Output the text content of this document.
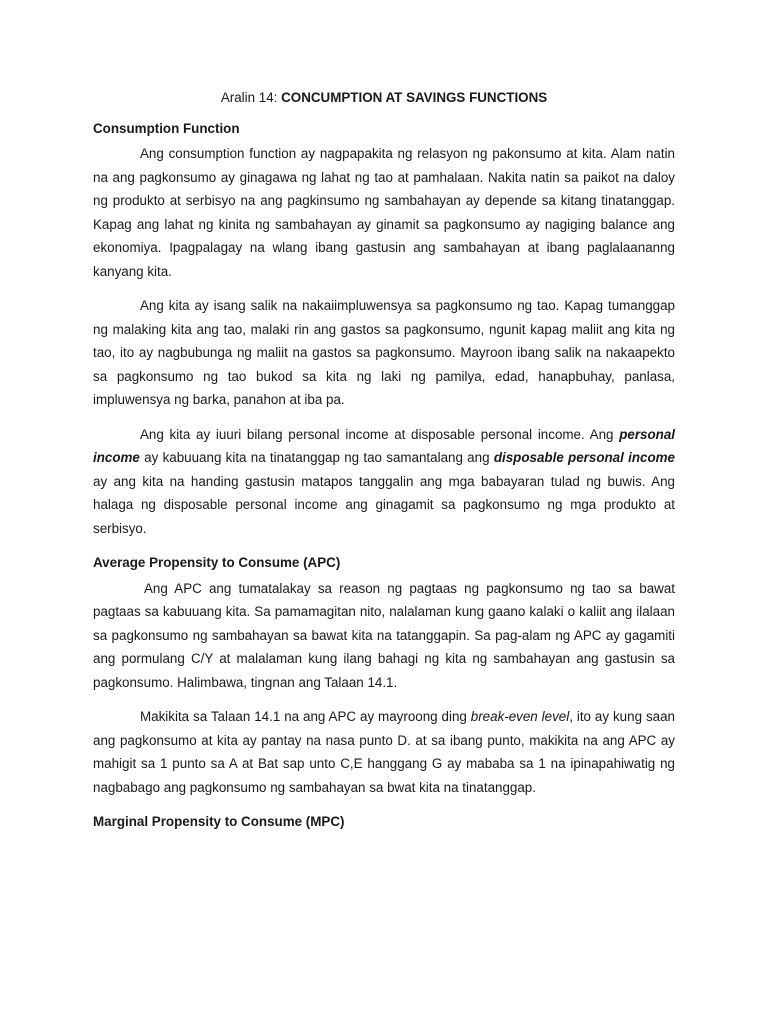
Aralin 14: CONCUMPTION AT SAVINGS FUNCTIONS
Consumption Function

Ang consumption function ay nagpapakita ng relasyon ng pakonsumo at kita. Alam natin na ang pagkonsumo ay ginagawa ng lahat ng tao at pamhalaan. Nakita natin sa paikot na daloy ng produkto at serbisyo na ang pagkinsumo ng sambahayan ay depende sa kitang tinatanggap. Kapag ang lahat ng kinita ng sambahayan ay ginamit sa pagkonsumo ay nagiging balance ang ekonomiya. Ipagpalagay na wlang ibang gastusin ang sambahayan at ibang paglalaananng kanyang kita.

Ang kita ay isang salik na nakaiimpluwensya sa pagkonsumo ng tao. Kapag tumanggap ng malaking kita ang tao, malaki rin ang gastos sa pagkonsumo, ngunit kapag maliit ang kita ng tao, ito ay nagbubunga ng maliit na gastos sa pagkonsumo. Mayroon ibang salik na nakaapekto sa pagkonsumo ng tao bukod sa kita ng laki ng pamilya, edad, hanapbuhay, panlasa, impluwensya ng barka, panahon at iba pa.

Ang kita ay iuuri bilang personal income at disposable personal income. Ang personal income ay kabuuang kita na tinatanggap ng tao samantalang ang disposable personal income ay ang kita na handing gastusin matapos tanggalin ang mga babayaran tulad ng buwis. Ang halaga ng disposable personal income ang ginagamit sa pagkonsumo ng mga produkto at serbisyo.

Average Propensity to Consume (APC)

Ang APC ang tumatalakay sa reason ng pagtaas ng pagkonsumo ng tao sa bawat pagtaas sa kabuuang kita. Sa pamamagitan nito, nalalaman kung gaano kalaki o kaliit ang ilalaan sa pagkonsumo ng sambahayan sa bawat kita na tatanggapin. Sa pag-alam ng APC ay gagamiti ang pormulang C/Y at malalaman kung ilang bahagi ng kita ng sambahayan ang gastusin sa pagkonsumo. Halimbawa, tingnan ang Talaan 14.1.

Makikita sa Talaan 14.1 na ang APC ay mayroong ding break-even level, ito ay kung saan ang pagkonsumo at kita ay pantay na nasa punto D. at sa ibang punto, makikita na ang APC ay mahigit sa 1 punto sa A at Bat sap unto C,E hanggang G ay mababa sa 1 na ipinapahiwatig ng nagbabago ang pagkonsumo ng sambahayan sa bwat kita na tinatanggap.

Marginal Propensity to Consume (MPC)
